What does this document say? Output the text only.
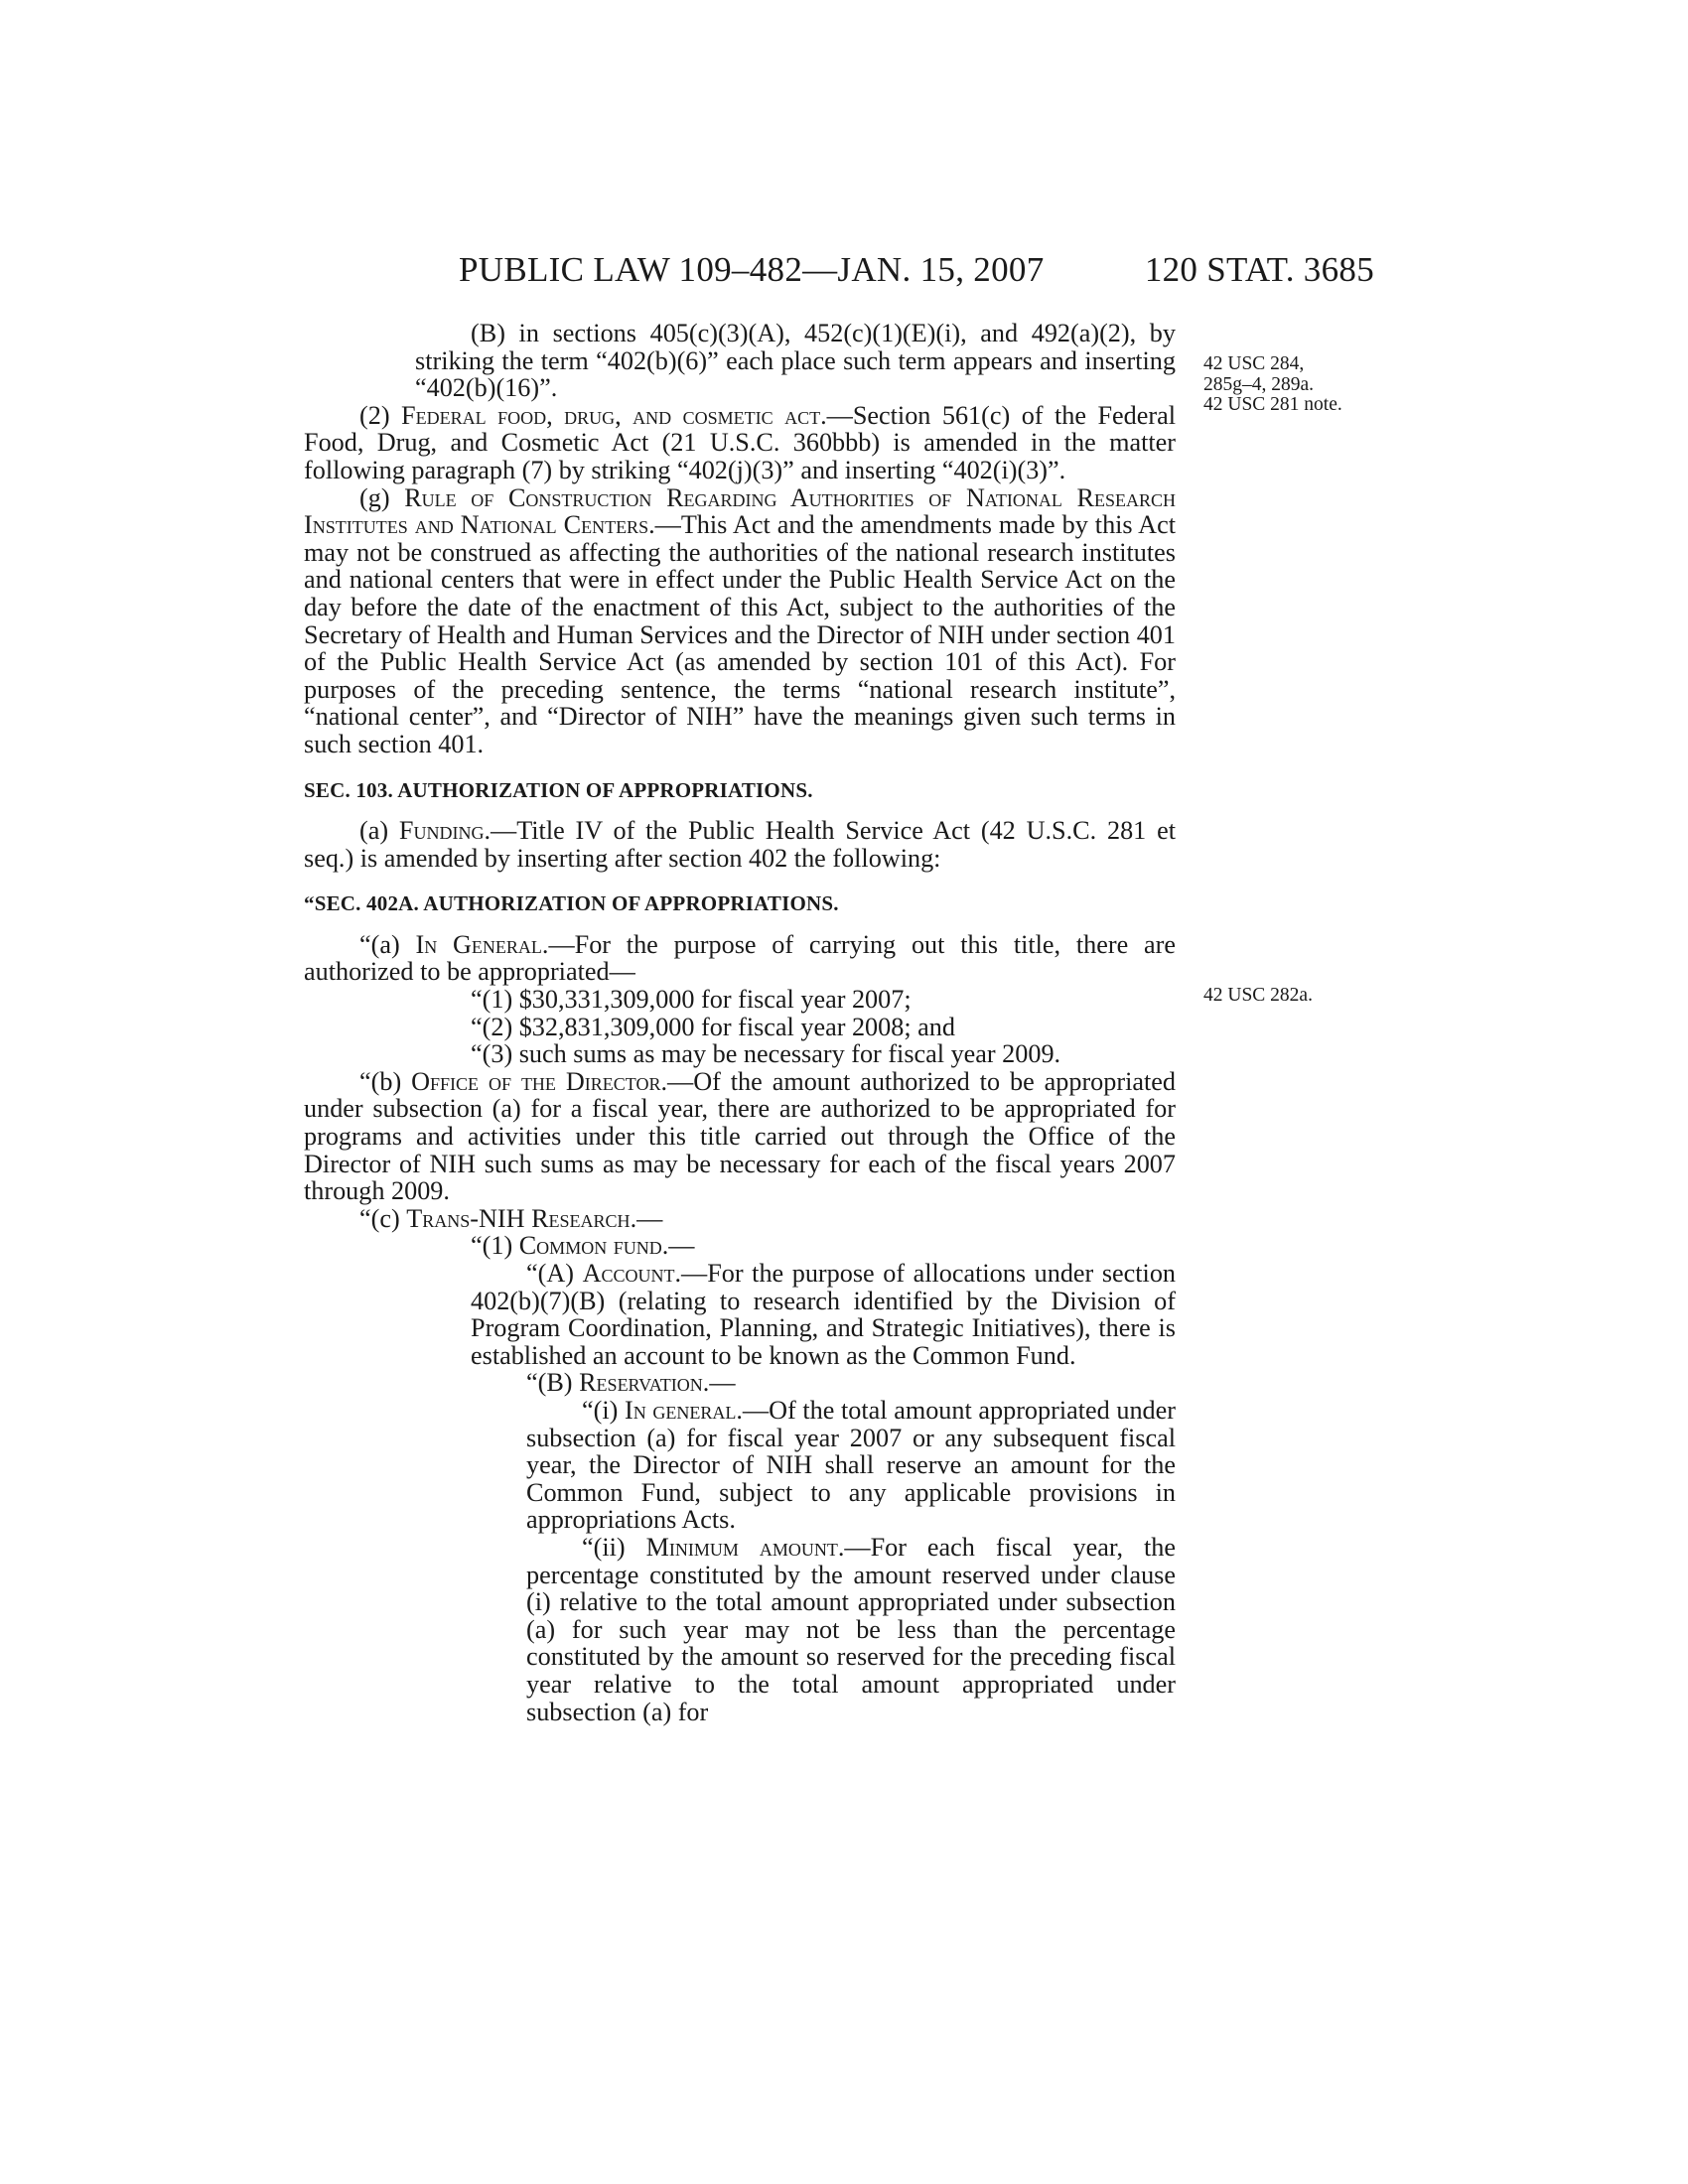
PUBLIC LAW 109–482—JAN. 15, 2007	120 STAT. 3685
42 USC 284,
285g–4, 289a.
42 USC 281 note.
42 USC 282a.

(B) in sections 405(c)(3)(A), 452(c)(1)(E)(i), and 492(a)(2), by striking the term “402(b)(6)” each place such term appears and inserting “402(b)(16)”.

(2) Federal food, drug, and cosmetic act.—Section 561(c) of the Federal Food, Drug, and Cosmetic Act (21 U.S.C. 360bbb) is amended in the matter following paragraph (7) by striking “402(j)(3)” and inserting “402(i)(3)”.

(g) Rule of Construction Regarding Authorities of National Research Institutes and National Centers.—This Act and the amendments made by this Act may not be construed as affecting the authorities of the national research institutes and national centers that were in effect under the Public Health Service Act on the day before the date of the enactment of this Act, subject to the authorities of the Secretary of Health and Human Services and the Director of NIH under section 401 of the Public Health Service Act (as amended by section 101 of this Act). For purposes of the preceding sentence, the terms “national research institute”, “national center”, and “Director of NIH” have the meanings given such terms in such section 401.

SEC. 103. AUTHORIZATION OF APPROPRIATIONS.

(a) Funding.—Title IV of the Public Health Service Act (42 U.S.C. 281 et seq.) is amended by inserting after section 402 the following:

“SEC. 402A. AUTHORIZATION OF APPROPRIATIONS.

“(a) In General.—For the purpose of carrying out this title, there are authorized to be appropriated—

“(1) $30,331,309,000 for fiscal year 2007;

“(2) $32,831,309,000 for fiscal year 2008; and

“(3) such sums as may be necessary for fiscal year 2009.

“(b) Office of the Director.—Of the amount authorized to be appropriated under subsection (a) for a fiscal year, there are authorized to be appropriated for programs and activities under this title carried out through the Office of the Director of NIH such sums as may be necessary for each of the fiscal years 2007 through 2009.

“(c) Trans-NIH Research.—

“(1) Common fund.—

“(A) Account.—For the purpose of allocations under section 402(b)(7)(B) (relating to research identified by the Division of Program Coordination, Planning, and Strategic Initiatives), there is established an account to be known as the Common Fund.

“(B) Reservation.—

“(i) In general.—Of the total amount appropriated under subsection (a) for fiscal year 2007 or any subsequent fiscal year, the Director of NIH shall reserve an amount for the Common Fund, subject to any applicable provisions in appropriations Acts.

“(ii) Minimum amount.—For each fiscal year, the percentage constituted by the amount reserved under clause (i) relative to the total amount appropriated under subsection (a) for such year may not be less than the percentage constituted by the amount so reserved for the preceding fiscal year relative to the total amount appropriated under subsection (a) for
